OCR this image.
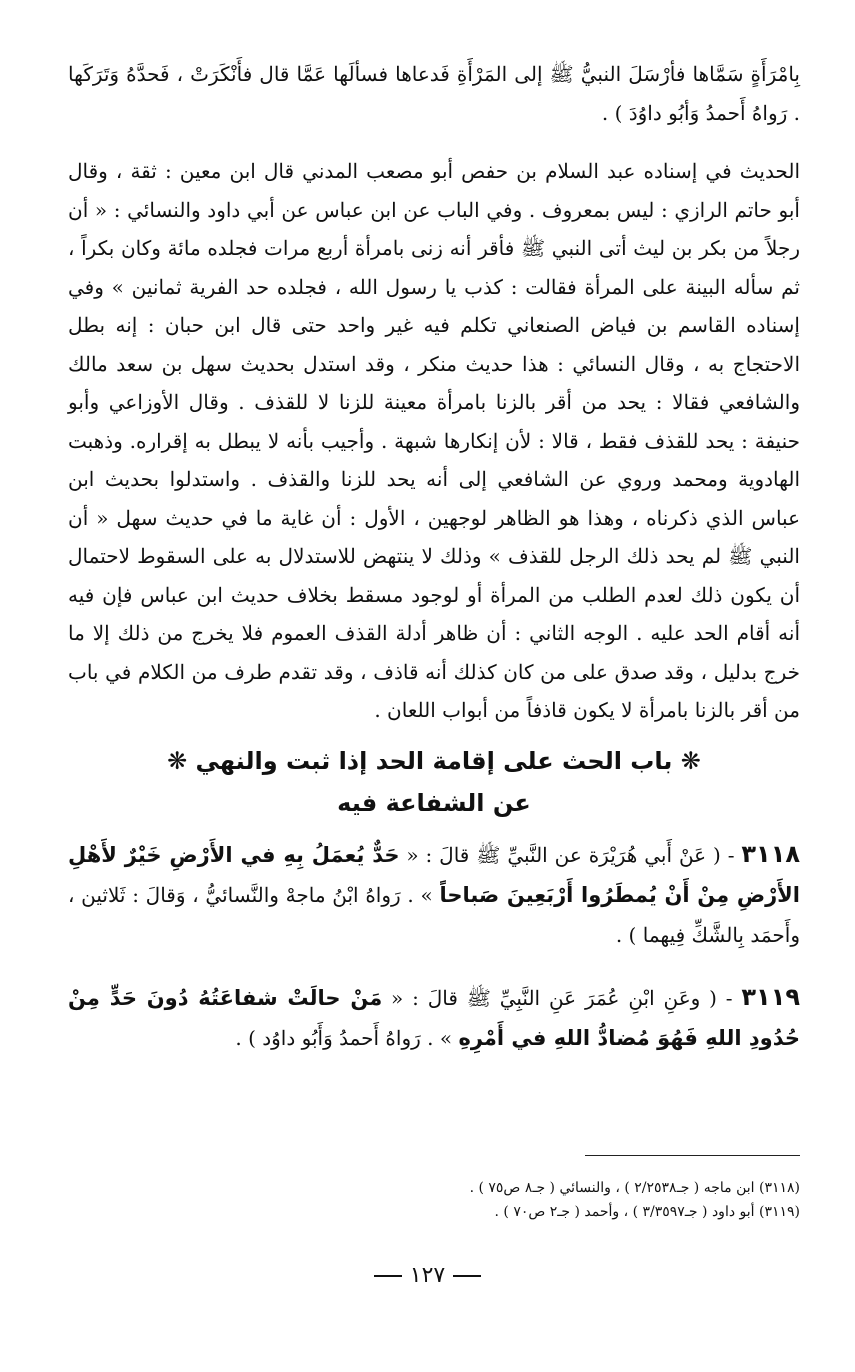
بِامْرَأَةٍ سَمَّاها فأرْسَلَ النبيُّ ﷺ إلى المَرْأَةِ فَدعاها فسألَها عَمَّا قال فأَنْكَرَتْ ، فَحدَّهُ وَتَرَكَها . رَواهُ أَحمدُ وَأبُو داوُدَ ) .

الحديث في إسناده عبد السلام بن حفص أبو مصعب المدني قال ابن معين : ثقة ، وقال أبو حاتم الرازي : ليس بمعروف . وفي الباب عن ابن عباس عن أبي داود والنسائي : « أن رجلاً من بكر بن ليث أتى النبي ﷺ فأقر أنه زنى بامرأة أربع مرات فجلده مائة وكان بكراً ، ثم سأله البينة على المرأة فقالت : كذب يا رسول الله ، فجلده حد الفرية ثمانين » وفي إسناده القاسم بن فياض الصنعاني تكلم فيه غير واحد حتى قال ابن حبان : إنه بطل الاحتجاج به ، وقال النسائي : هذا حديث منكر ، وقد استدل بحديث سهل بن سعد مالك والشافعي فقالا : يحد من أقر بالزنا بامرأة معينة للزنا لا للقذف . وقال الأوزاعي وأبو حنيفة : يحد للقذف فقط ، قالا : لأن إنكارها شبهة . وأجيب بأنه لا يبطل به إقراره. وذهبت الهادوية ومحمد وروي عن الشافعي إلى أنه يحد للزنا والقذف . واستدلوا بحديث ابن عباس الذي ذكرناه ، وهذا هو الظاهر لوجهين ، الأول : أن غاية ما في حديث سهل « أن النبي ﷺ لم يحد ذلك الرجل للقذف » وذلك لا ينتهض للاستدلال به على السقوط لاحتمال أن يكون ذلك لعدم الطلب من المرأة أو لوجود مسقط بخلاف حديث ابن عباس فإن فيه أنه أقام الحد عليه . الوجه الثاني : أن ظاهر أدلة القذف العموم فلا يخرج من ذلك إلا ما خرج بدليل ، وقد صدق على من كان كذلك أنه قاذف ، وقد تقدم طرف من الكلام في باب من أقر بالزنا بامرأة لا يكون قاذفاً من أبواب اللعان .

❋ باب الحث على إقامة الحد إذا ثبت والنهي ❋
عن الشفاعة فيه

٣١١٨ - ( عَنْ أَبي هُرَيْرَة عن النَّبيِّ ﷺ قالَ : « حَدٌّ يُعمَلُ بِهِ في الأَرْضِ خَيْرٌ لأَهْلِ الأَرْضِ مِنْ أَنْ يُمطَرُوا أَرْبَعِينَ صَباحاً » . رَواهُ ابْنُ ماجهْ والنَّسائيُّ ، وَقالَ : ثَلاثين ، وأَحمَد بِالشَّكِّ فِيهما ) .

٣١١٩ - ( وعَنِ ابْنِ عُمَرَ عَنِ النَّبِيِّ ﷺ قالَ : « مَنْ حالَتْ شفاعَتُهُ دُونَ حَدٍّ مِنْ حُدُودِ اللهِ فَهُوَ مُضادُّ اللهِ في أَمْرِهِ » . رَواهُ أَحمدُ وَأَبُو داوُد ) .

(٣١١٨) ابن ماجه ( جـ٢/٢٥٣٨ ) ، والنسائي ( جـ٨ ص٧٥ ) .
(٣١١٩) أبو داود ( جـ٣/٣٥٩٧ ) ، وأحمد ( جـ٢ ص٧٠ ) .
١٢٧
